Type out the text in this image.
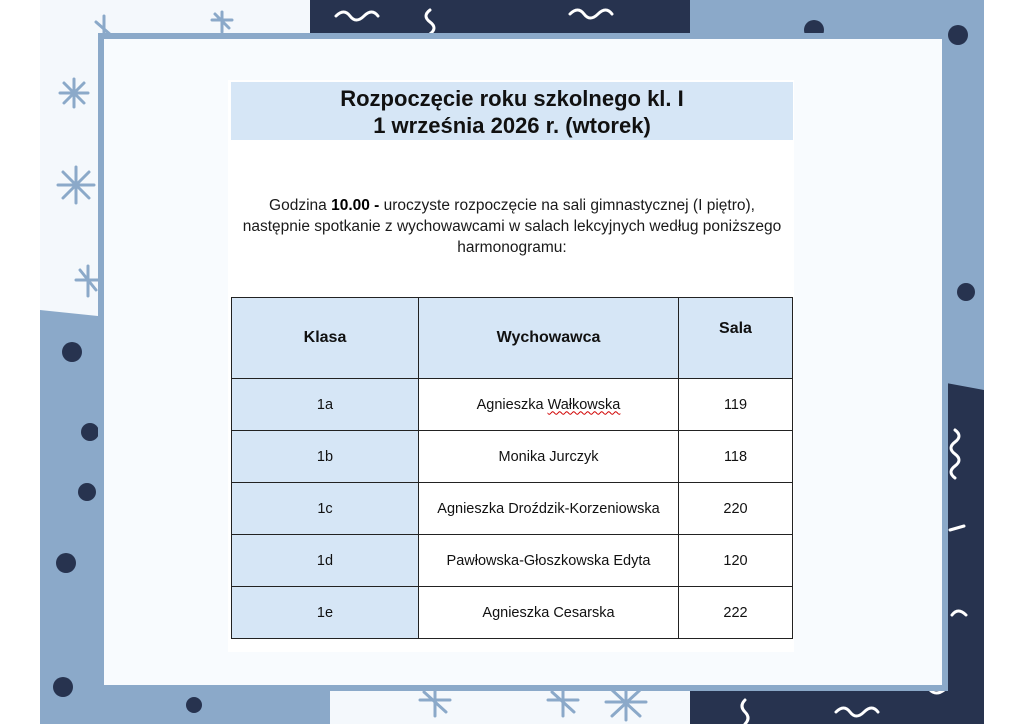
Rozpoczęcie roku szkolnego kl. I
1 września 2026 r. (wtorek)

Godzina 10.00 - uroczyste rozpoczęcie na sali gimnastycznej (I piętro), następnie spotkanie z wychowawcami w salach lekcyjnych według poniższego harmonogramu:

Klasa	Wychowawca	Sala
1a	Agnieszka Wałkowska	119
1b	Monika Jurczyk	118
1c	Agnieszka Droździk-Korzeniowska	220
1d	Pawłowska-Głoszkowska Edyta	120
1e	Agnieszka Cesarska	222
